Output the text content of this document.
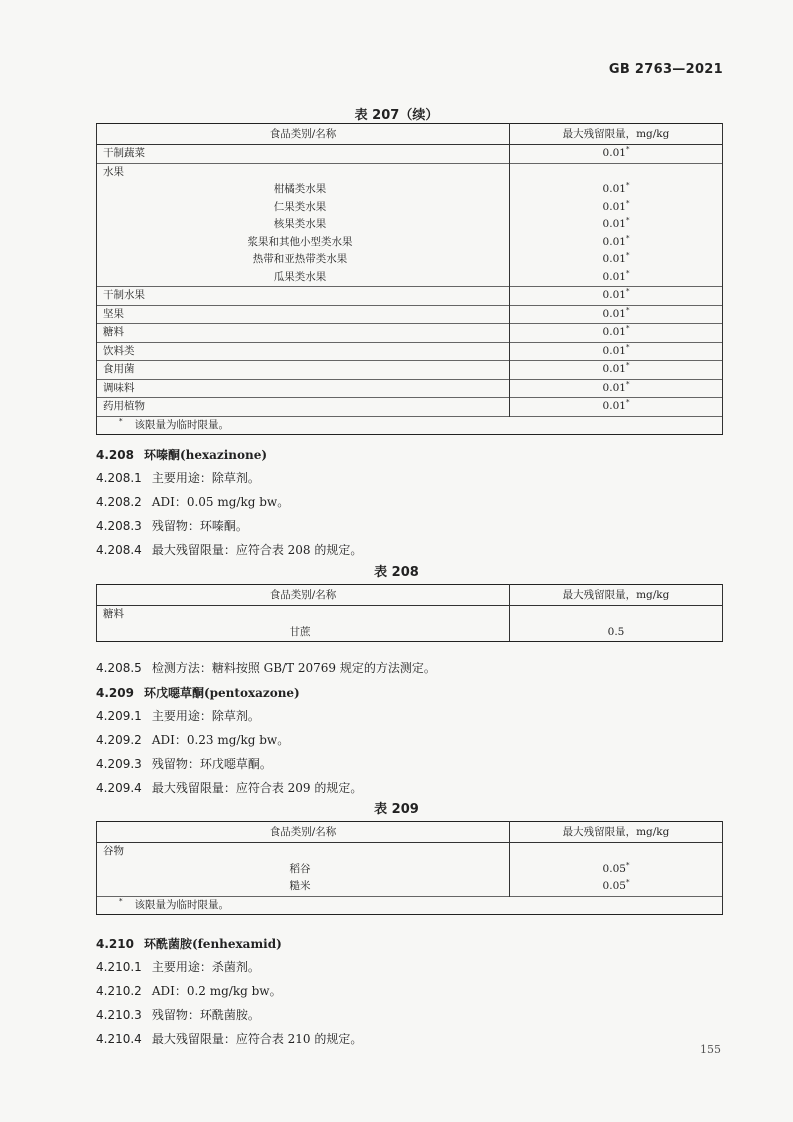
GB 2763—2021
表 207（续）
食品类别/名称	最大残留限量，mg/kg
干制蔬菜	0.01*
水果	
柑橘类水果	0.01*
仁果类水果	0.01*
核果类水果	0.01*
浆果和其他小型类水果	0.01*
热带和亚热带类水果	0.01*
瓜果类水果	0.01*
干制水果	0.01*
坚果	0.01*
糖料	0.01*
饮料类	0.01*
食用菌	0.01*
调味料	0.01*
药用植物	0.01*
* 该限量为临时限量。	
4.208 环嗪酮(hexazinone)
4.208.1 主要用途：除草剂。
4.208.2 ADI：0.05 mg/kg bw。
4.208.3 残留物：环嗪酮。
4.208.4 最大残留限量：应符合表 208 的规定。
表 208
食品类别/名称	最大残留限量，mg/kg
糖料	
甘蔗	0.5
4.208.5 检测方法：糖料按照 GB/T 20769 规定的方法测定。
4.209 环戊噁草酮(pentoxazone)
4.209.1 主要用途：除草剂。
4.209.2 ADI：0.23 mg/kg bw。
4.209.3 残留物：环戊噁草酮。
4.209.4 最大残留限量：应符合表 209 的规定。
表 209
食品类别/名称	最大残留限量，mg/kg
谷物	
稻谷	0.05*
糙米	0.05*
* 该限量为临时限量。	
4.210 环酰菌胺(fenhexamid)
4.210.1 主要用途：杀菌剂。
4.210.2 ADI：0.2 mg/kg bw。
4.210.3 残留物：环酰菌胺。
4.210.4 最大残留限量：应符合表 210 的规定。
155
